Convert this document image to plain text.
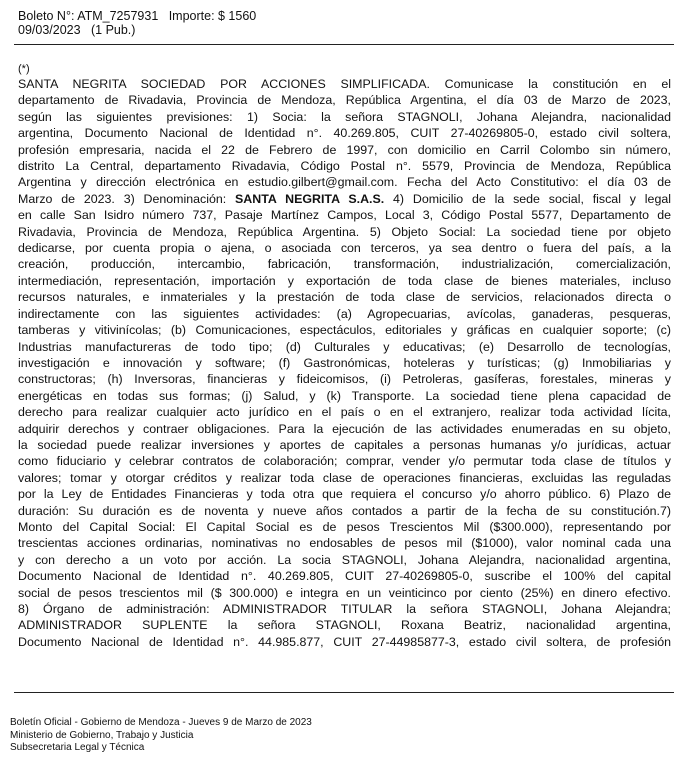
Boleto N°: ATM_7257931   Importe: $ 1560
09/03/2023   (1 Pub.)
(*)
SANTA NEGRITA SOCIEDAD POR ACCIONES SIMPLIFICADA. Comunicase la constitución en el
departamento de Rivadavia, Provincia de Mendoza, República Argentina, el día 03 de Marzo de 2023,
según las siguientes previsiones: 1) Socia: la señora STAGNOLI, Johana Alejandra, nacionalidad
argentina, Documento Nacional de Identidad n°. 40.269.805, CUIT 27-40269805-0, estado civil soltera,
profesión empresaria, nacida el 22 de Febrero de 1997, con domicilio en Carril Colombo sin número,
distrito La Central, departamento Rivadavia, Código Postal n°. 5579, Provincia de Mendoza, República
Argentina y dirección electrónica en estudio.gilbert@gmail.com. Fecha del Acto Constitutivo: el día 03 de
Marzo de 2023. 3) Denominación: SANTA NEGRITA S.A.S. 4) Domicilio de la sede social, fiscal y legal
en calle San Isidro número 737, Pasaje Martínez Campos, Local 3, Código Postal 5577, Departamento de
Rivadavia, Provincia de Mendoza, República Argentina. 5) Objeto Social: La sociedad tiene por objeto
dedicarse, por cuenta propia o ajena, o asociada con terceros, ya sea dentro o fuera del país, a la
creación, producción, intercambio, fabricación, transformación, industrialización, comercialización,
intermediación, representación, importación y exportación de toda clase de bienes materiales, incluso
recursos naturales, e inmateriales y la prestación de toda clase de servicios, relacionados directa o
indirectamente con las siguientes actividades: (a) Agropecuarias, avícolas, ganaderas, pesqueras,
tamberas y vitivinícolas; (b) Comunicaciones, espectáculos, editoriales y gráficas en cualquier soporte; (c)
Industrias manufactureras de todo tipo; (d) Culturales y educativas; (e) Desarrollo de tecnologías,
investigación e innovación y software; (f) Gastronómicas, hoteleras y turísticas; (g) Inmobiliarias y
constructoras; (h) Inversoras, financieras y fideicomisos, (i) Petroleras, gasíferas, forestales, mineras y
energéticas en todas sus formas; (j) Salud, y (k) Transporte. La sociedad tiene plena capacidad de
derecho para realizar cualquier acto jurídico en el país o en el extranjero, realizar toda actividad lícita,
adquirir derechos y contraer obligaciones. Para la ejecución de las actividades enumeradas en su objeto,
la sociedad puede realizar inversiones y aportes de capitales a personas humanas y/o jurídicas, actuar
como fiduciario y celebrar contratos de colaboración; comprar, vender y/o permutar toda clase de títulos y
valores; tomar y otorgar créditos y realizar toda clase de operaciones financieras, excluidas las reguladas
por la Ley de Entidades Financieras y toda otra que requiera el concurso y/o ahorro público. 6) Plazo de
duración: Su duración es de noventa y nueve años contados a partir de la fecha de su constitución.7)
Monto del Capital Social: El Capital Social es de pesos Trescientos Mil ($300.000), representando por
trescientas acciones ordinarias, nominativas no endosables de pesos mil ($1000), valor nominal cada una
y con derecho a un voto por acción. La socia STAGNOLI, Johana Alejandra, nacionalidad argentina,
Documento Nacional de Identidad n°. 40.269.805, CUIT 27-40269805-0, suscribe el 100% del capital
social de pesos trescientos mil ($ 300.000) e integra en un veinticinco por ciento (25%) en dinero efectivo.
8) Órgano de administración: ADMINISTRADOR TITULAR la señora STAGNOLI, Johana Alejandra;
ADMINISTRADOR SUPLENTE la señora STAGNOLI, Roxana Beatriz, nacionalidad argentina,
Documento Nacional de Identidad n°. 44.985.877, CUIT 27-44985877-3, estado civil soltera, de profesión
Boletín Oficial - Gobierno de Mendoza - Jueves 9 de Marzo de 2023
Ministerio de Gobierno, Trabajo y Justicia
Subsecretaria Legal y Técnica
